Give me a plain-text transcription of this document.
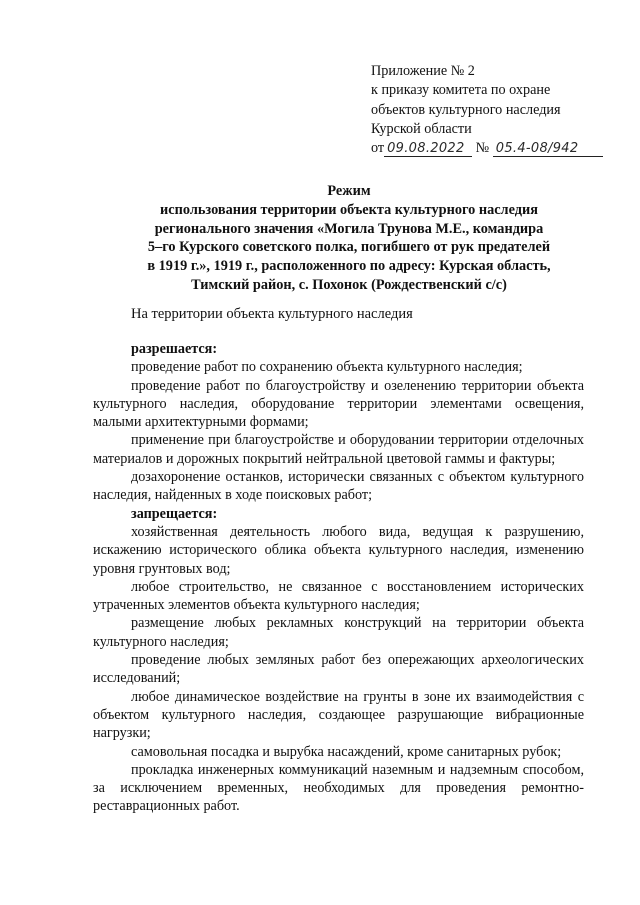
Приложение № 2
к приказу комитета по охране
объектов культурного наследия
Курской области
от 09.08.2022 № 05.4-08/942
Режим
использования территории объекта культурного наследия
регионального значения «Могила Трунова М.Е., командира
5–го Курского советского полка, погибшего от рук предателей
в 1919 г.», 1919 г., расположенного по адресу: Курская область,
Тимский район, с. Похонок (Рождественский с/с)
На территории объекта культурного наследия

разрешается:

проведение работ по сохранению объекта культурного наследия;

проведение работ по благоустройству и озеленению территории объекта культурного наследия, оборудование территории элементами освещения, малыми архитектурными формами;

применение при благоустройстве и оборудовании территории отделочных материалов и дорожных покрытий нейтральной цветовой гаммы и фактуры;

дозахоронение останков, исторически связанных с объектом культурного наследия, найденных в ходе поисковых работ;

запрещается:

хозяйственная деятельность любого вида, ведущая к разрушению, искажению исторического облика объекта культурного наследия, изменению уровня грунтовых вод;

любое строительство, не связанное с восстановлением исторических утраченных элементов объекта культурного наследия;

размещение любых рекламных конструкций на территории объекта культурного наследия;

проведение любых земляных работ без опережающих археологических исследований;

любое динамическое воздействие на грунты в зоне их взаимодействия с объектом культурного наследия, создающее разрушающие вибрационные нагрузки;

самовольная посадка и вырубка насаждений, кроме санитарных рубок;

прокладка инженерных коммуникаций наземным и надземным способом, за исключением временных, необходимых для проведения ремонтно-реставрационных работ.
